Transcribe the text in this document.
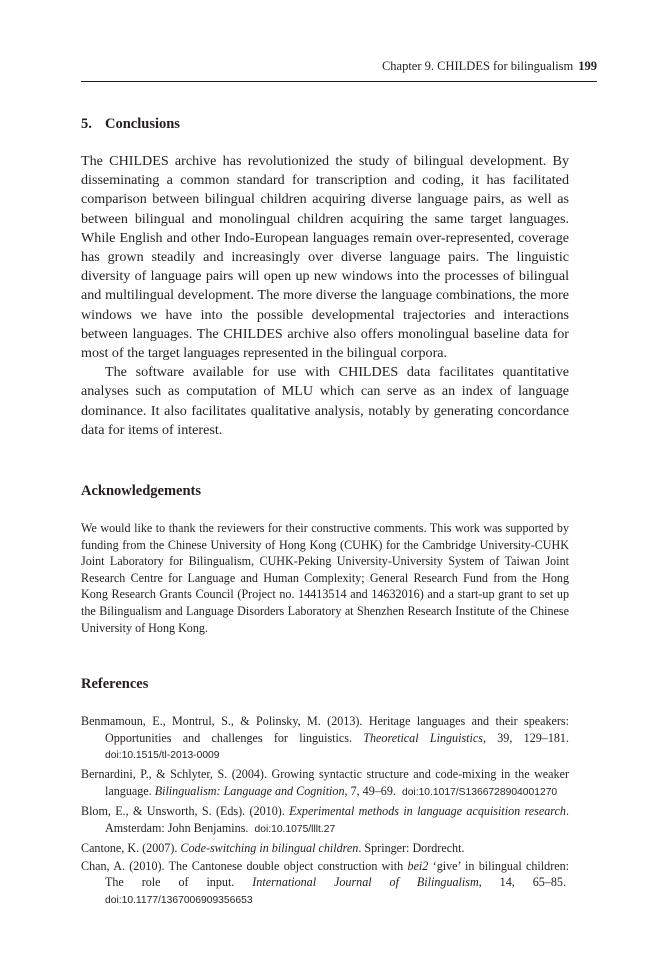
Chapter 9. CHILDES for bilingualism 199
5. Conclusions

The CHILDES archive has revolutionized the study of bilingual development. By disseminating a common standard for transcription and coding, it has facilitated comparison between bilingual children acquiring diverse language pairs, as well as between bilingual and monolingual children acquiring the same target languages. While English and other Indo-European languages remain over-represented, coverage has grown steadily and increasingly over diverse language pairs. The linguistic diversity of language pairs will open up new windows into the processes of bilingual and multilingual development. The more diverse the language combinations, the more windows we have into the possible developmental trajectories and interactions between languages. The CHILDES archive also offers monolingual baseline data for most of the target languages represented in the bilingual corpora.

The software available for use with CHILDES data facilitates quantitative analyses such as computation of MLU which can serve as an index of language dominance. It also facilitates qualitative analysis, notably by generating concordance data for items of interest.

Acknowledgements
We would like to thank the reviewers for their constructive comments. This work was supported by funding from the Chinese University of Hong Kong (CUHK) for the Cambridge University-CUHK Joint Laboratory for Bilingualism, CUHK-Peking University-University System of Taiwan Joint Research Centre for Language and Human Complexity; General Research Fund from the Hong Kong Research Grants Council (Project no. 14413514 and 14632016) and a start-up grant to set up the Bilingualism and Language Disorders Laboratory at Shenzhen Research Institute of the Chinese University of Hong Kong.
References

Benmamoun, E., Montrul, S., & Polinsky, M. (2013). Heritage languages and their speakers: Opportunities and challenges for linguistics. Theoretical Linguistics, 39, 129–181. doi:10.1515/tl-2013-0009

Bernardini, P., & Schlyter, S. (2004). Growing syntactic structure and code-mixing in the weaker language. Bilingualism: Language and Cognition, 7, 49–69. doi:10.1017/S1366728904001270

Blom, E., & Unsworth, S. (Eds). (2010). Experimental methods in language acquisition research. Amsterdam: John Benjamins. doi:10.1075/lllt.27

Cantone, K. (2007). Code-switching in bilingual children. Springer: Dordrecht.

Chan, A. (2010). The Cantonese double object construction with bei2 ‘give’ in bilingual children: The role of input. International Journal of Bilingualism, 14, 65–85.  doi:10.1177/1367006909356653
